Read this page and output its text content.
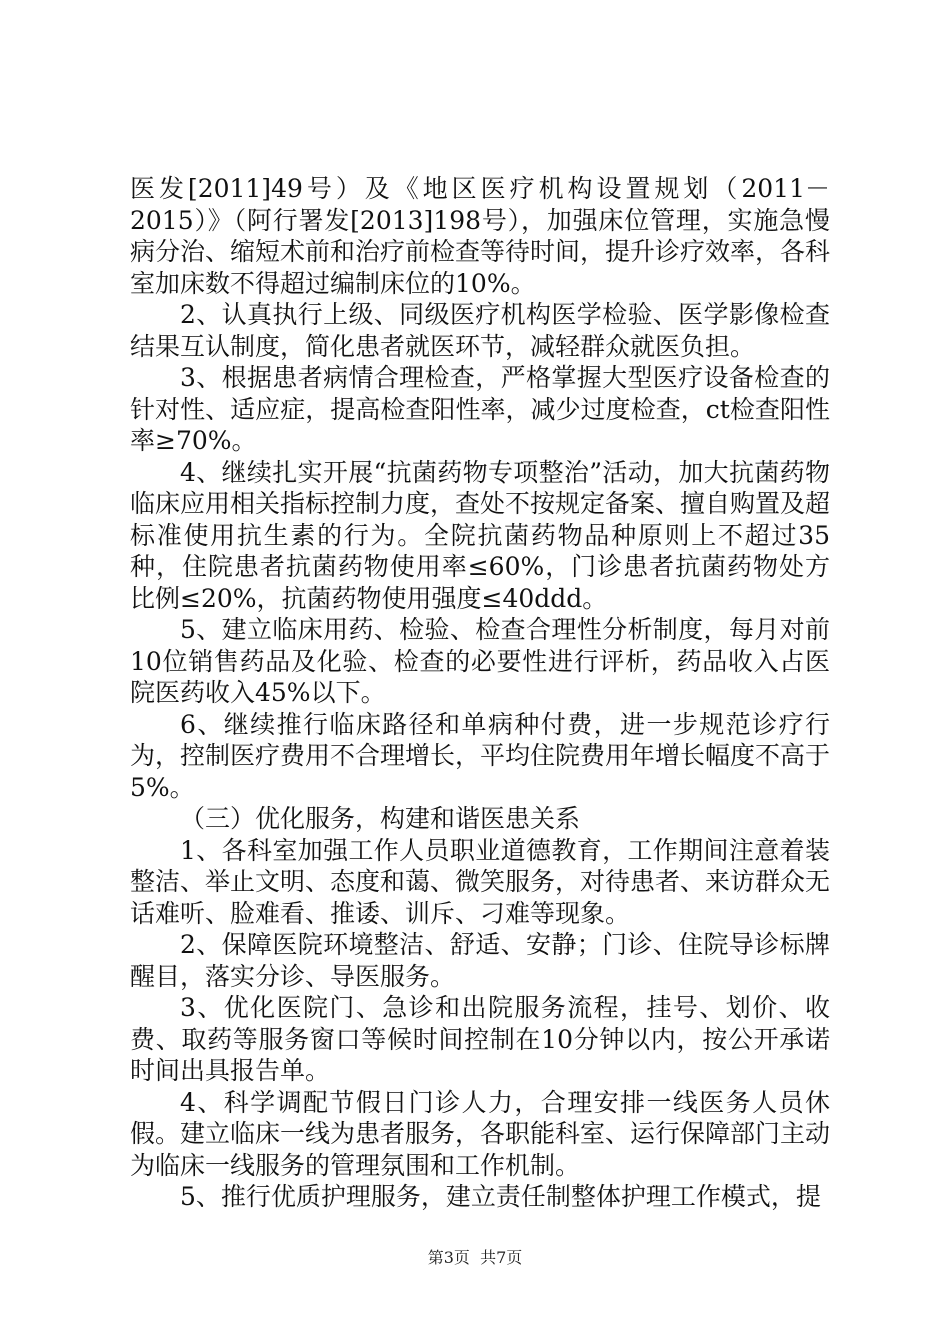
医发[2011]49号）及《地区医疗机构设置规划（2011－2015）》（阿行署发[2013]198号），加强床位管理，实施急慢病分治、缩短术前和治疗前检查等待时间，提升诊疗效率，各科室加床数不得超过编制床位的10%。

2、认真执行上级、同级医疗机构医学检验、医学影像检查结果互认制度，简化患者就医环节，减轻群众就医负担。

3、根据患者病情合理检查，严格掌握大型医疗设备检查的针对性、适应症，提高检查阳性率，减少过度检查，ct检查阳性率≥70%。

4、继续扎实开展“抗菌药物专项整治”活动，加大抗菌药物临床应用相关指标控制力度，查处不按规定备案、擅自购置及超标准使用抗生素的行为。全院抗菌药物品种原则上不超过35种，住院患者抗菌药物使用率≤60%，门诊患者抗菌药物处方比例≤20%，抗菌药物使用强度≤40ddd。

5、建立临床用药、检验、检查合理性分析制度，每月对前10位销售药品及化验、检查的必要性进行评析，药品收入占医院医药收入45%以下。

6、继续推行临床路径和单病种付费，进一步规范诊疗行为，控制医疗费用不合理增长，平均住院费用年增长幅度不高于5%。

（三）优化服务，构建和谐医患关系

1、各科室加强工作人员职业道德教育，工作期间注意着装整洁、举止文明、态度和蔼、微笑服务，对待患者、来访群众无话难听、脸难看、推诿、训斥、刁难等现象。

2、保障医院环境整洁、舒适、安静；门诊、住院导诊标牌醒目，落实分诊、导医服务。

3、优化医院门、急诊和出院服务流程，挂号、划价、收费、取药等服务窗口等候时间控制在10分钟以内，按公开承诺时间出具报告单。

4、科学调配节假日门诊人力，合理安排一线医务人员休假。建立临床一线为患者服务，各职能科室、运行保障部门主动为临床一线服务的管理氛围和工作机制。

5、推行优质护理服务，建立责任制整体护理工作模式，提

第3页 共7页
